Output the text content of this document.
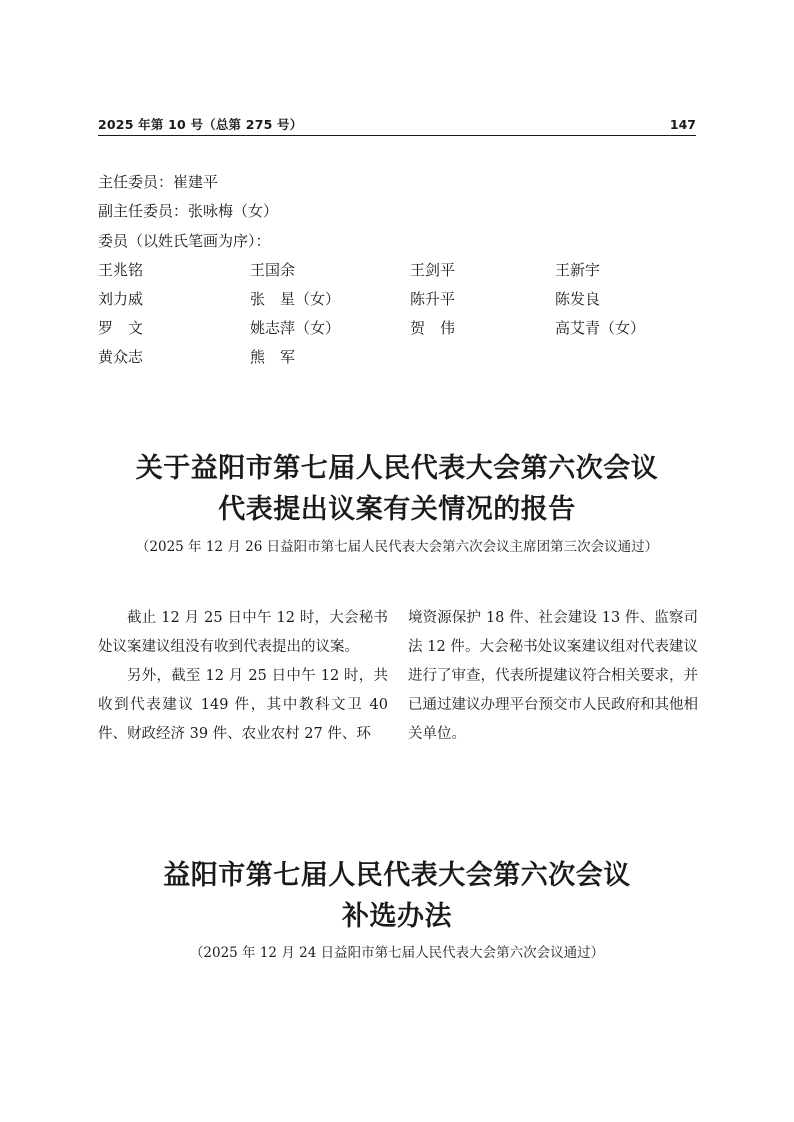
2025 年第 10 号（总第 275 号）	147
主任委员：崔建平
副主任委员：张咏梅（女）
委员（以姓氏笔画为序）：
王兆铭	王国余	王剑平	王新宇
刘力威	张　星（女）	陈升平	陈发良
罗　文	姚志萍（女）	贺　伟	高艾青（女）
黄众志	熊　军
关于益阳市第七届人民代表大会第六次会议
代表提出议案有关情况的报告
（2025 年 12 月 26 日益阳市第七届人民代表大会第六次会议主席团第三次会议通过）

截止 12 月 25 日中午 12 时，大会秘书处议案建议组没有收到代表提出的议案。

另外，截至 12 月 25 日中午 12 时，共收到代表建议 149 件，其中教科文卫 40 件、财政经济 39 件、农业农村 27 件、环

境资源保护 18 件、社会建设 13 件、监察司法 12 件。大会秘书处议案建议组对代表建议进行了审查，代表所提建议符合相关要求，并已通过建议办理平台预交市人民政府和其他相关单位。

益阳市第七届人民代表大会第六次会议
补选办法
（2025 年 12 月 24 日益阳市第七届人民代表大会第六次会议通过）
